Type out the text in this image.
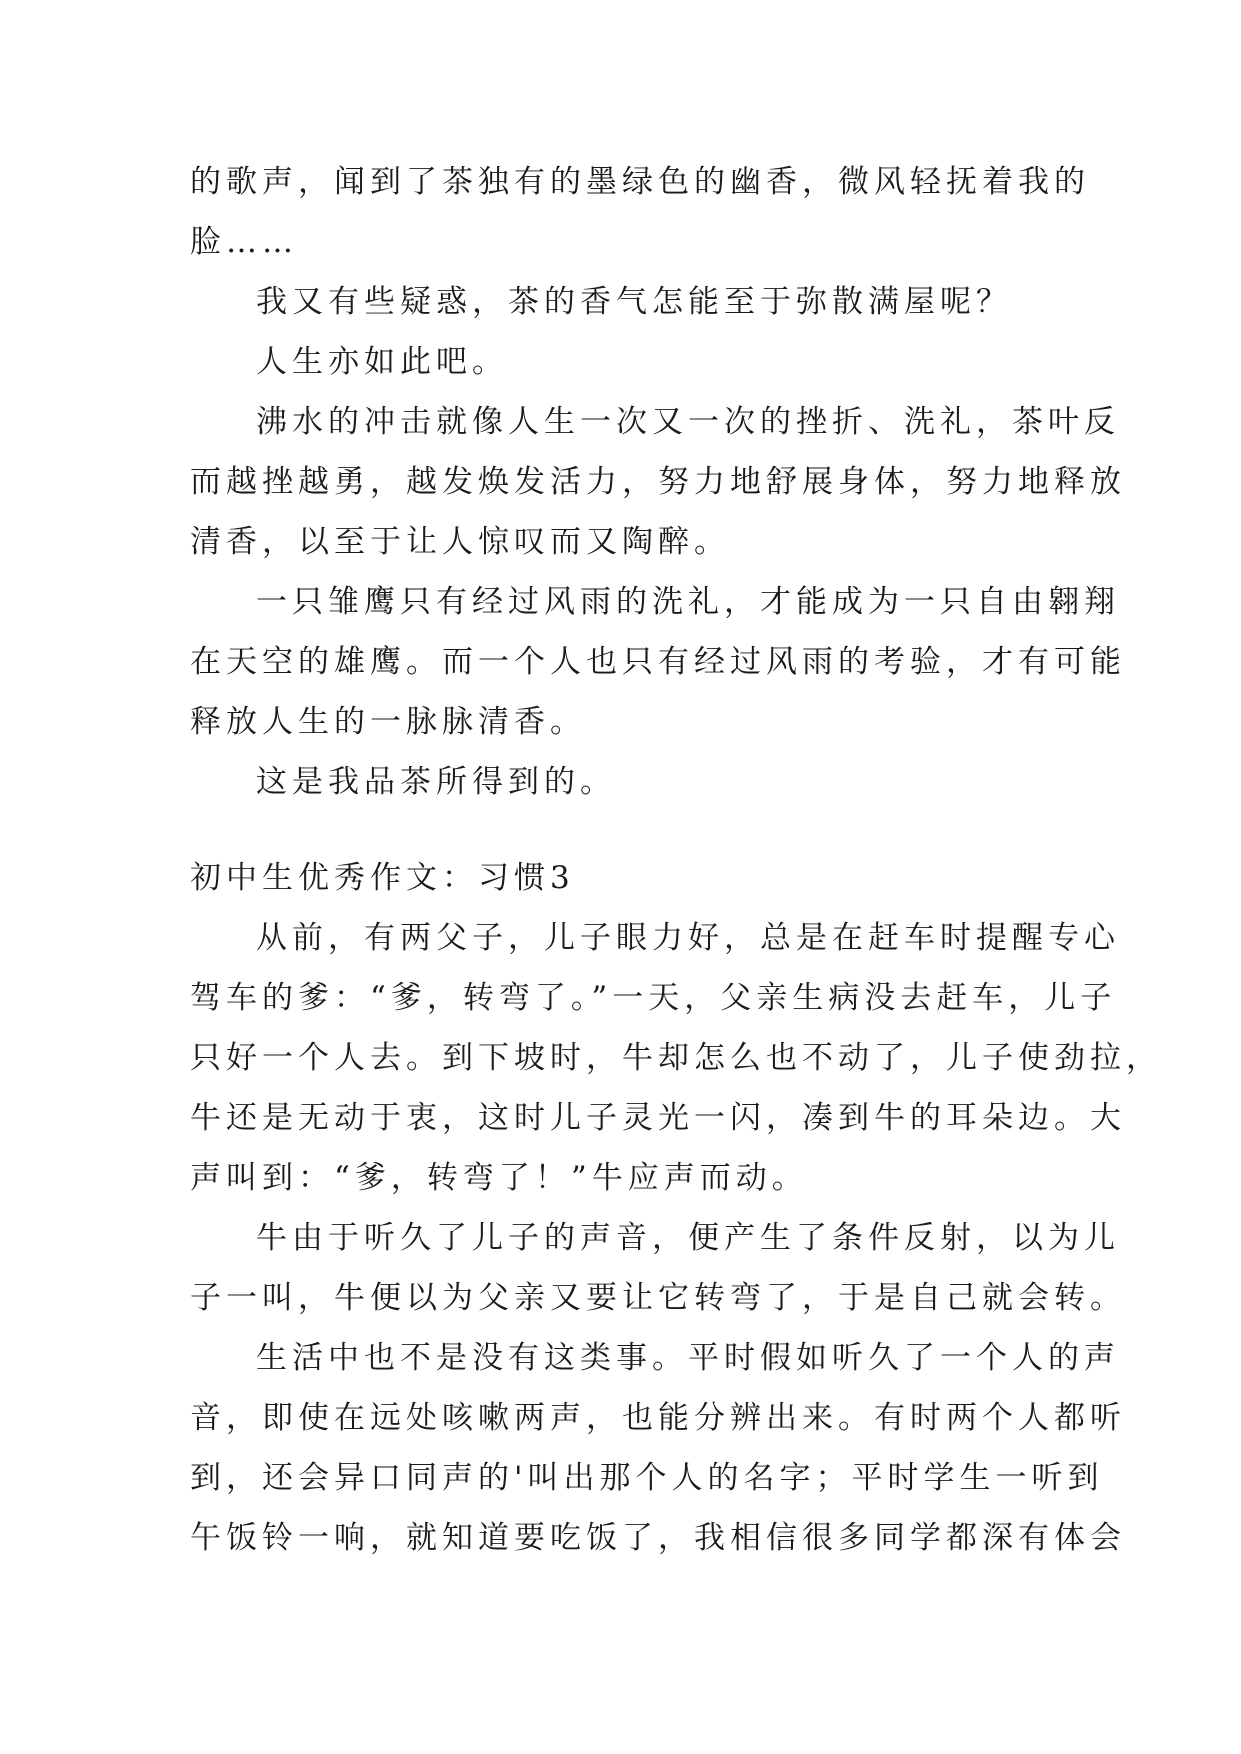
的歌声，闻到了茶独有的墨绿色的幽香，微风轻抚着我的
脸……
我又有些疑惑，茶的香气怎能至于弥散满屋呢？
人生亦如此吧。
沸水的冲击就像人生一次又一次的挫折、洗礼，茶叶反
而越挫越勇，越发焕发活力，努力地舒展身体，努力地释放
清香，以至于让人惊叹而又陶醉。
一只雏鹰只有经过风雨的洗礼，才能成为一只自由翱翔
在天空的雄鹰。而一个人也只有经过风雨的考验，才有可能
释放人生的一脉脉清香。
这是我品茶所得到的。
初中生优秀作文：习惯3
从前，有两父子，儿子眼力好，总是在赶车时提醒专心
驾车的爹：“爹，转弯了。”一天，父亲生病没去赶车，儿子
只好一个人去。到下坡时，牛却怎么也不动了，儿子使劲拉，
牛还是无动于衷，这时儿子灵光一闪，凑到牛的耳朵边。大
声叫到：“爹，转弯了！”牛应声而动。
牛由于听久了儿子的声音，便产生了条件反射，以为儿
子一叫，牛便以为父亲又要让它转弯了，于是自己就会转。
生活中也不是没有这类事。平时假如听久了一个人的声
音，即使在远处咳嗽两声，也能分辨出来。有时两个人都听
到，还会异口同声的'叫出那个人的名字；平时学生一听到
午饭铃一响，就知道要吃饭了，我相信很多同学都深有体会
